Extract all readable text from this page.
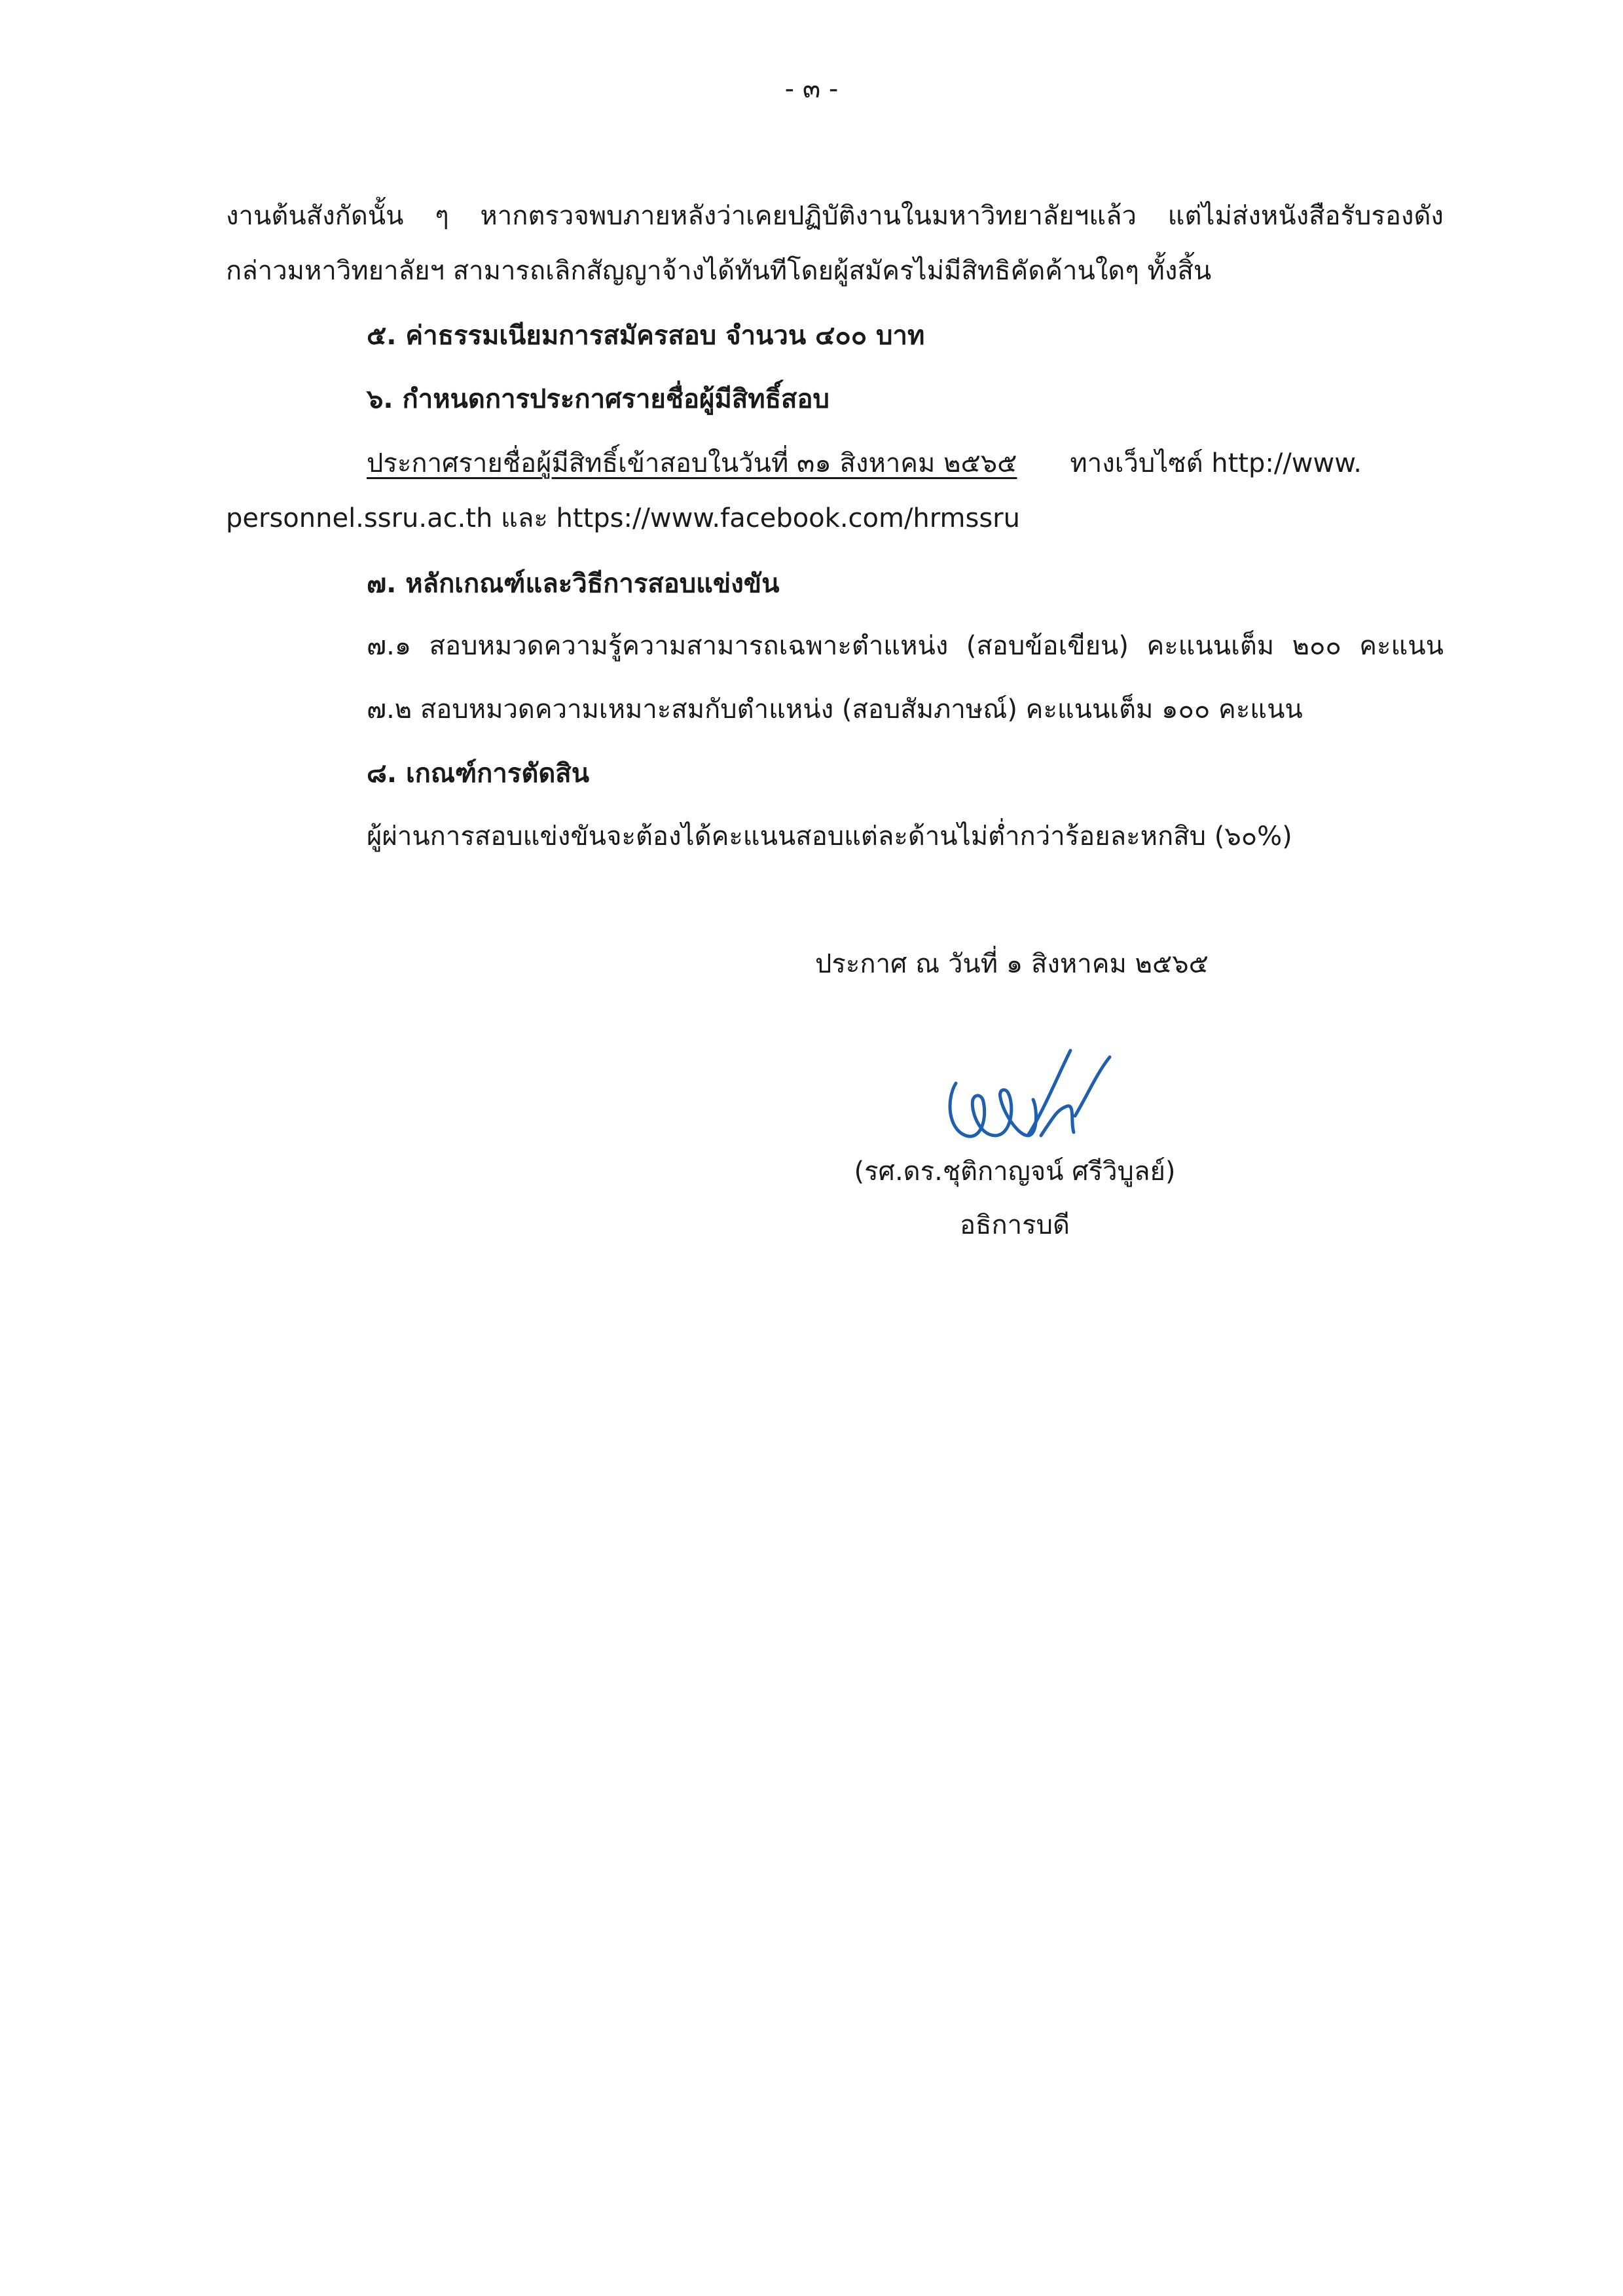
- ๓ -
งานต้นสังกัดนั้น ๆ หากตรวจพบภายหลังว่าเคยปฏิบัติงานในมหาวิทยาลัยฯแล้ว แต่ไม่ส่งหนังสือรับรองดัง
กล่าวมหาวิทยาลัยฯ สามารถเลิกสัญญาจ้างได้ทันทีโดยผู้สมัครไม่มีสิทธิคัดค้านใดๆ ทั้งสิ้น
๕. ค่าธรรมเนียมการสมัครสอบ จำนวน ๔๐๐ บาท
๖. กำหนดการประกาศรายชื่อผู้มีสิทธิ์สอบ
ประกาศรายชื่อผู้มีสิทธิ์เข้าสอบในวันที่ ๓๑ สิงหาคม ๒๕๖๕ ทางเว็บไซต์ http://www.
personnel.ssru.ac.th และ https://www.facebook.com/hrmssru
๗. หลักเกณฑ์และวิธีการสอบแข่งขัน
๗.๑ สอบหมวดความรู้ความสามารถเฉพาะตำแหน่ง (สอบข้อเขียน) คะแนนเต็ม ๒๐๐ คะแนน
๗.๒ สอบหมวดความเหมาะสมกับตำแหน่ง (สอบสัมภาษณ์) คะแนนเต็ม ๑๐๐ คะแนน
๘. เกณฑ์การตัดสิน
ผู้ผ่านการสอบแข่งขันจะต้องได้คะแนนสอบแต่ละด้านไม่ต่ำกว่าร้อยละหกสิบ (๖๐%)
ประกาศ ณ วันที่ ๑ สิงหาคม ๒๕๖๕
(รศ.ดร.ชุติกาญจน์ ศรีวิบูลย์)
อธิการบดี
